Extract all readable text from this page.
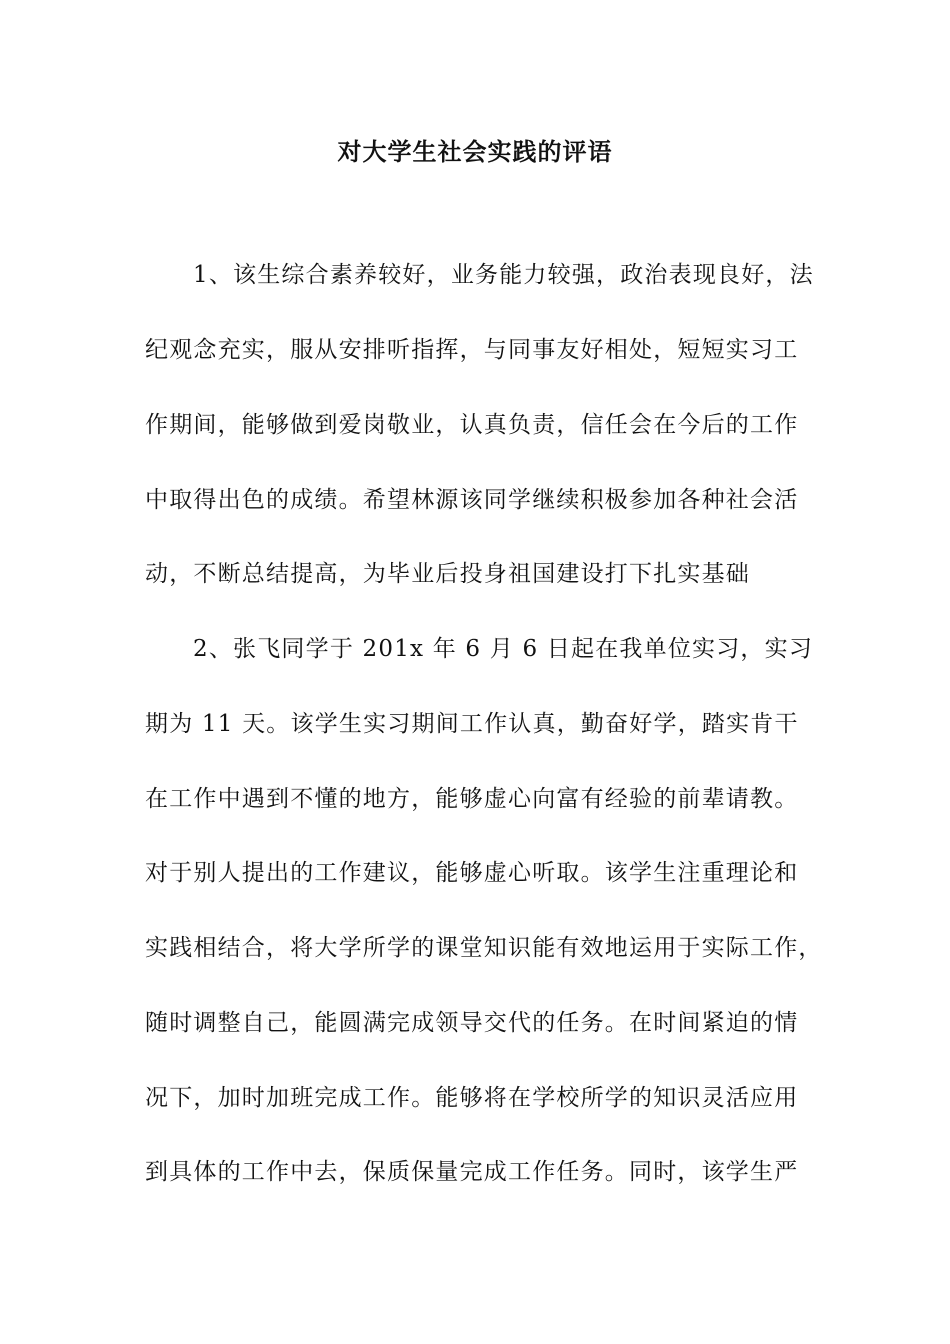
对大学生社会实践的评语
1、该生综合素养较好，业务能力较强，政治表现良好，法
纪观念充实，服从安排听指挥，与同事友好相处，短短实习工
作期间，能够做到爱岗敬业，认真负责，信任会在今后的工作
中取得出色的成绩。希望林源该同学继续积极参加各种社会活
动，不断总结提高，为毕业后投身祖国建设打下扎实基础
2、张飞同学于 201x 年 6 月 6 日起在我单位实习，实习
期为 11 天。该学生实习期间工作认真，勤奋好学，踏实肯干
在工作中遇到不懂的地方，能够虚心向富有经验的前辈请教。
对于别人提出的工作建议，能够虚心听取。该学生注重理论和
实践相结合，将大学所学的课堂知识能有效地运用于实际工作，
随时调整自己，能圆满完成领导交代的任务。在时间紧迫的情
况下，加时加班完成工作。能够将在学校所学的知识灵活应用
到具体的工作中去，保质保量完成工作任务。同时，该学生严
